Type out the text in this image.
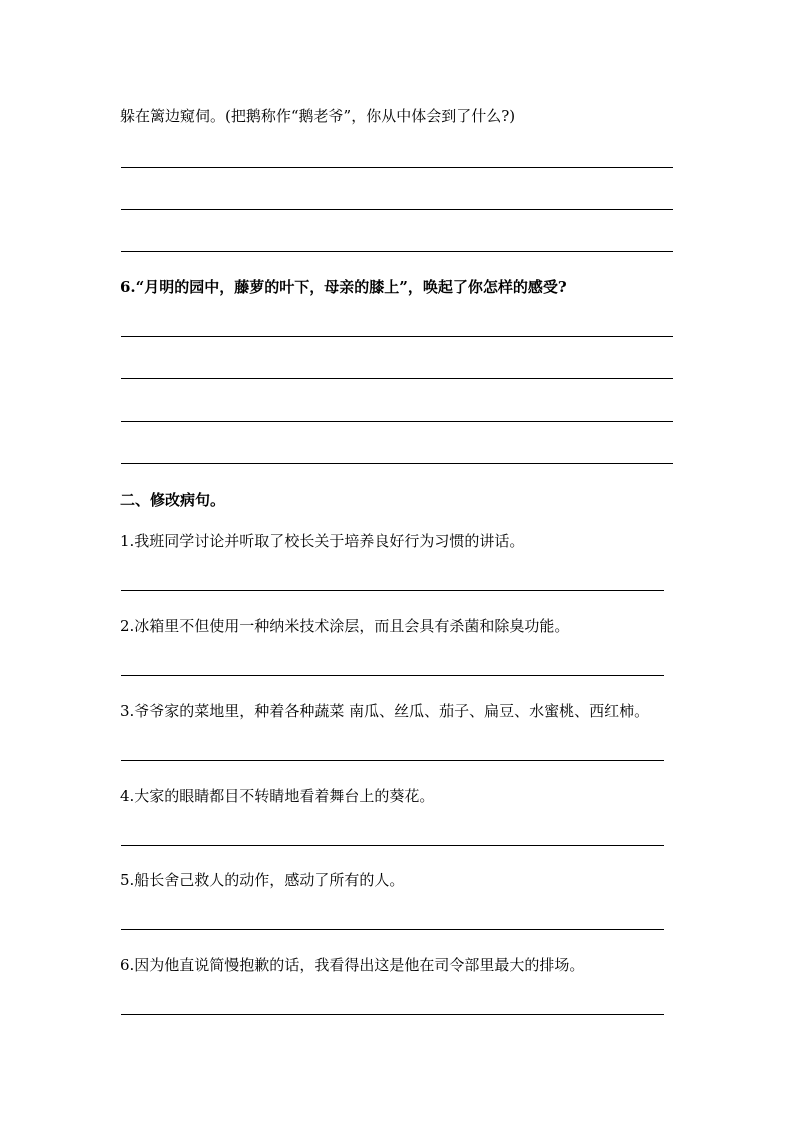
躲在篱边窥伺。(把鹅称作“鹅老爷”，你从中体会到了什么?)
6.“月明的园中，藤萝的叶下，母亲的膝上”，唤起了你怎样的感受?
二、修改病句。
1.我班同学讨论并听取了校长关于培养良好行为习惯的讲话。
2.冰箱里不但使用一种纳米技术涂层，而且会具有杀菌和除臭功能。
3.爷爷家的菜地里，种着各种蔬菜 南瓜、丝瓜、茄子、扁豆、水蜜桃、西红柿。
4.大家的眼睛都目不转睛地看着舞台上的葵花。
5.船长舍己救人的动作，感动了所有的人。
6.因为他直说简慢抱歉的话，我看得出这是他在司令部里最大的排场。
